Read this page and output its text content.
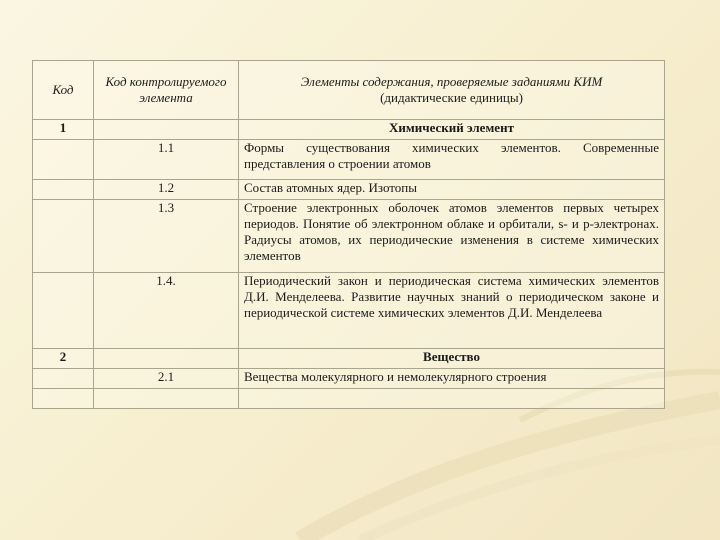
Код	Код контролируемого элемента	Элементы содержания, проверяемые заданиями КИМ
(дидактические единицы)

1		Химический элемент
	1.1	Формы существования химических элементов. Современные представления о строении атомов
	1.2	Состав атомных ядер. Изотопы
	1.3	Строение электронных оболочек атомов элементов первых четырех периодов. Понятие об электронном облаке и орбитали, s- и p-электронах. Радиусы атомов, их периодические изменения в системе химических элементов
	1.4.	Периодический закон и периодическая система химических элементов Д.И. Менделеева. Развитие научных знаний о периодическом законе и периодической системе химических элементов Д.И. Менделеева
2		Вещество
	2.1	Вещества молекулярного и немолекулярного строения
